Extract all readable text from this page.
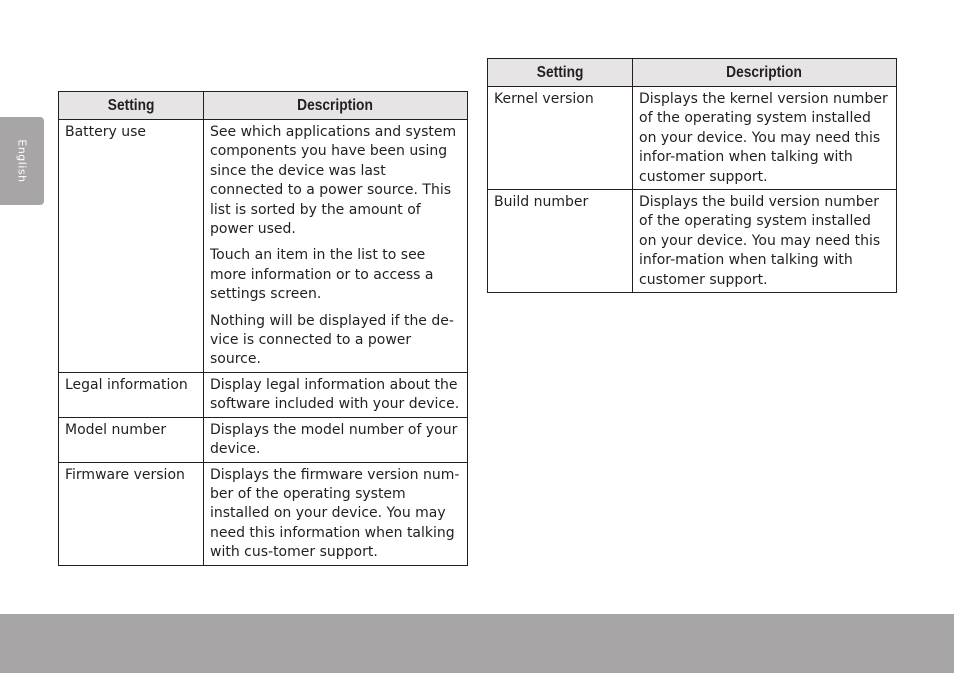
English
Setting	Description
Battery use	See which applications and system components you have been using since the device was last connected to a power source. This list is sorted by the amount of power used.

Touch an item in the list to see more information or to access a settings screen.

Nothing will be displayed if the de-vice is connected to a power source.

Legal information	Display legal information about the software included with your device.

Model number	Displays the model number of your device.

Firmware version	Displays the firmware version num-ber of the operating system installed on your device. You may need this information when talking with cus-tomer support.

Setting	Description
Kernel version	Displays the kernel version number of the operating system installed on your device. You may need this infor-mation when talking with customer support.

Build number	Displays the build version number of the operating system installed on your device. You may need this infor-mation when talking with customer support.
